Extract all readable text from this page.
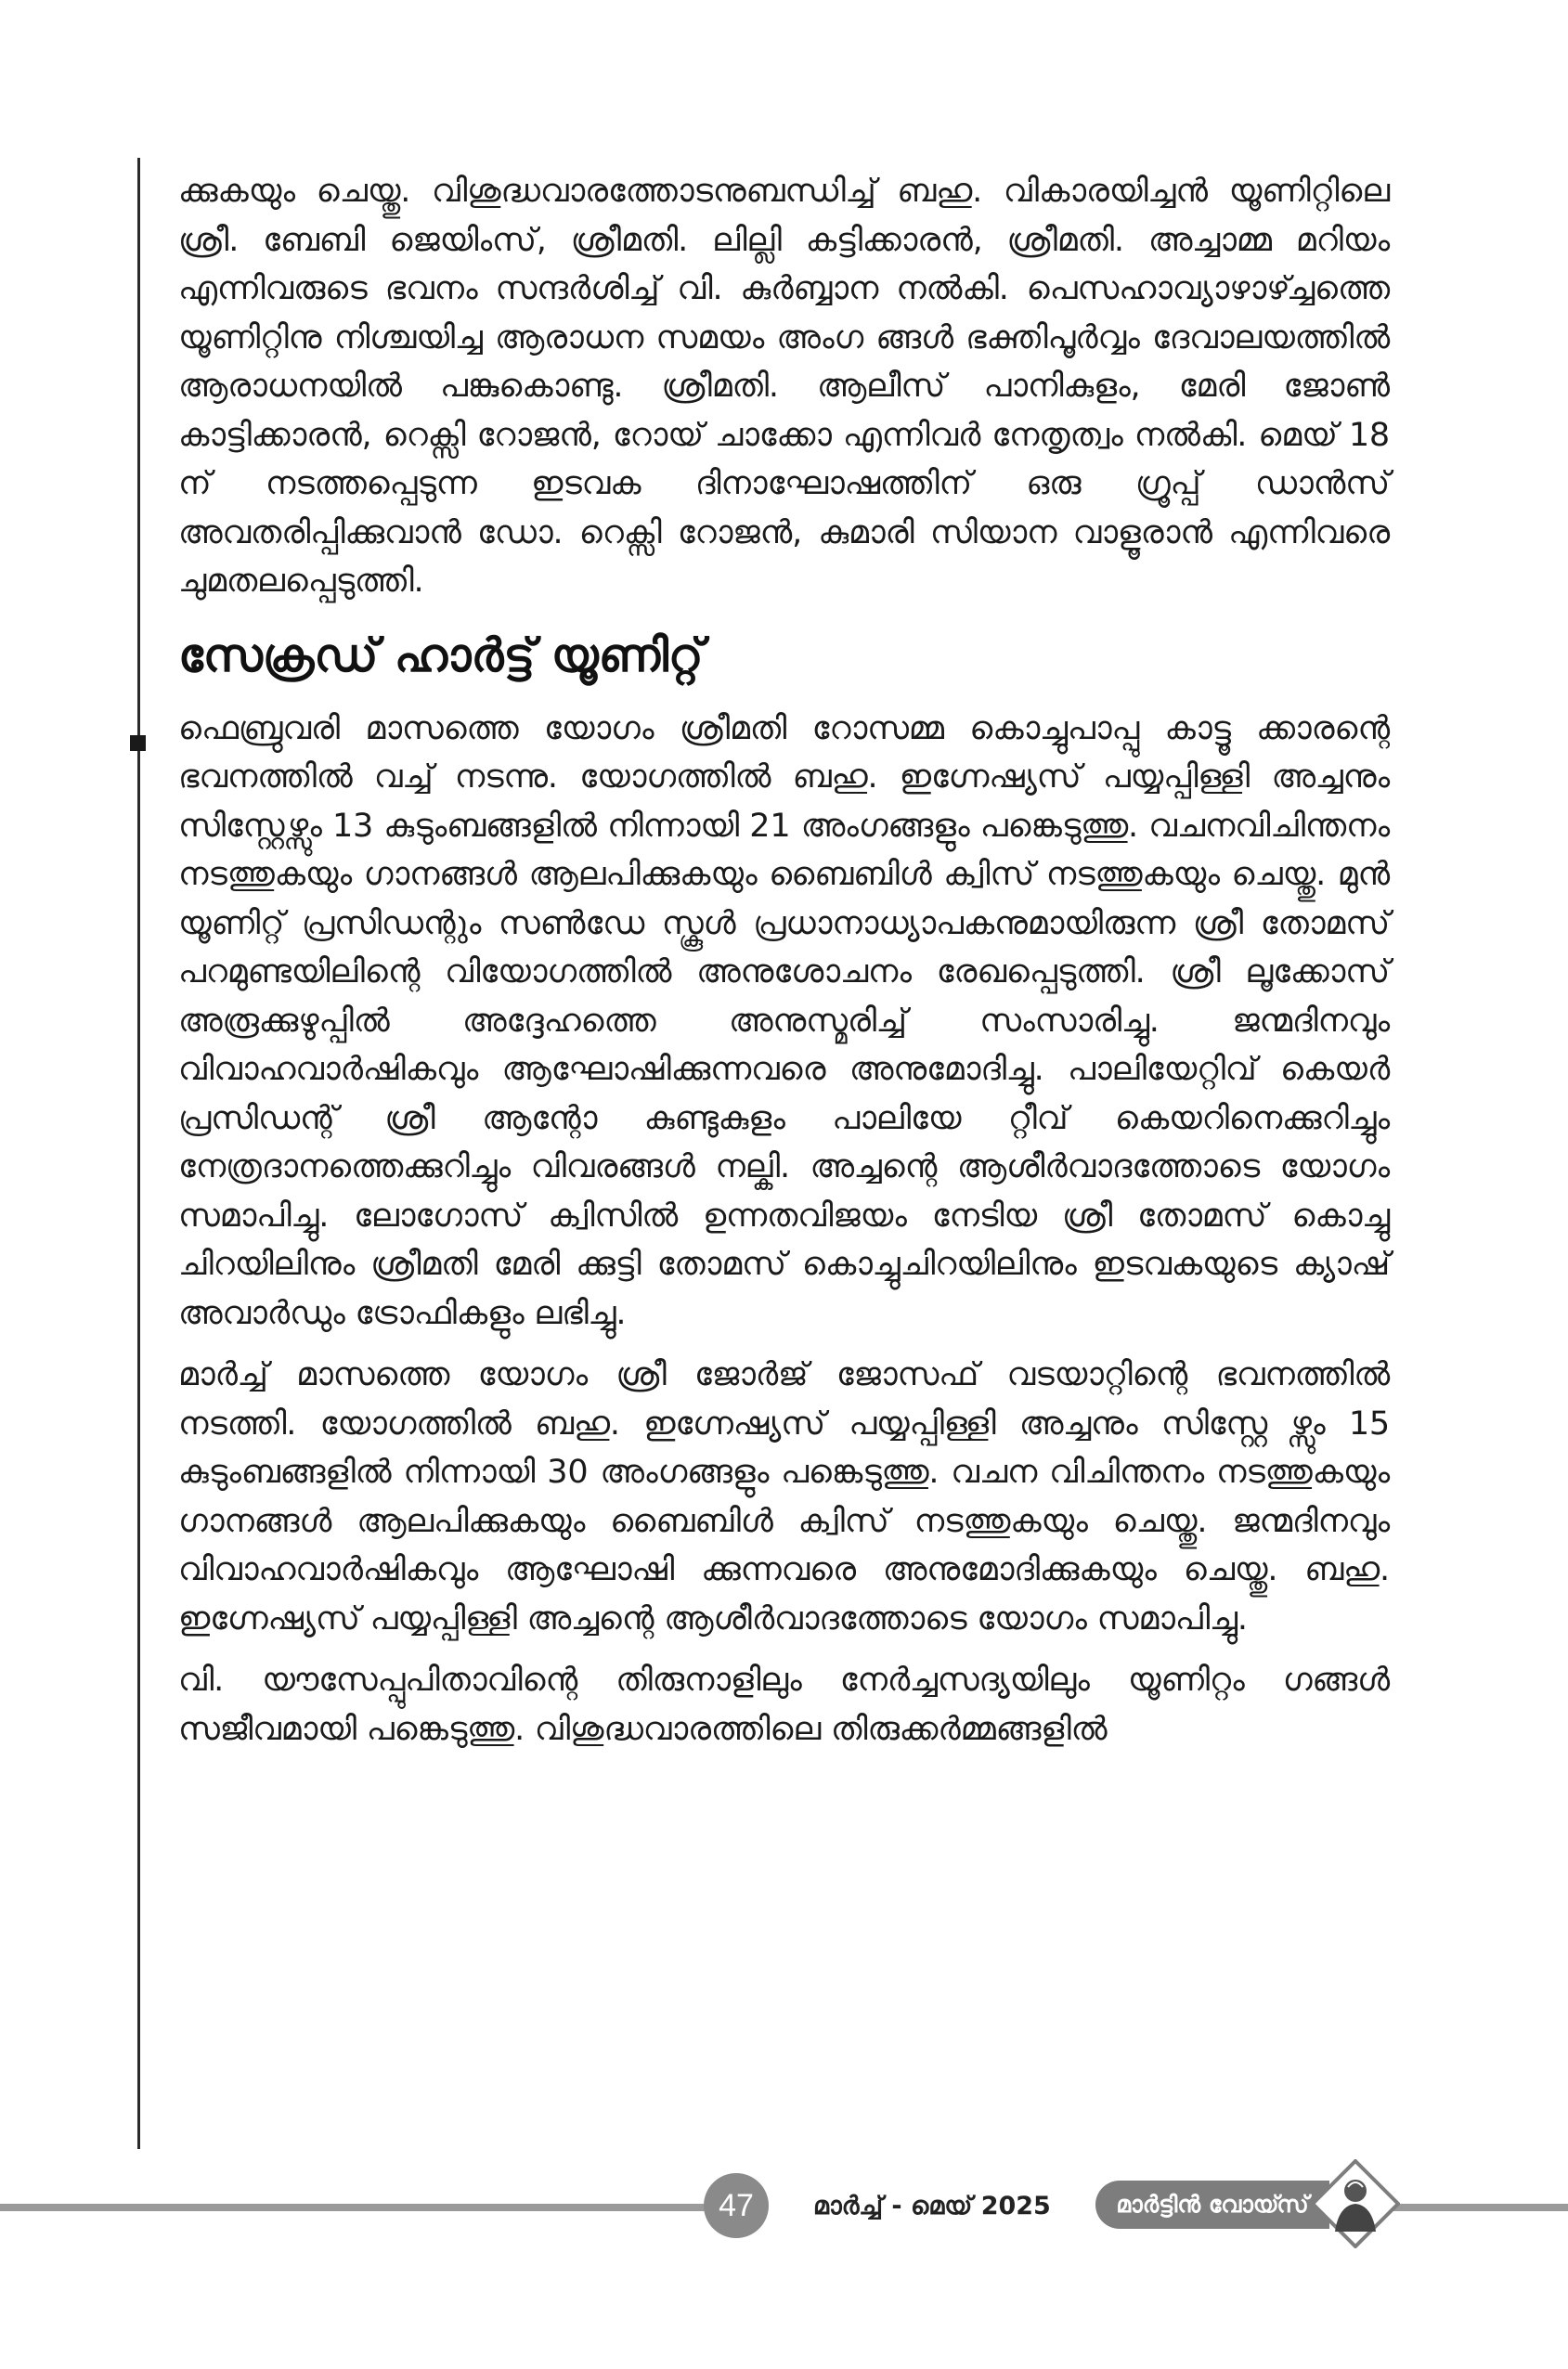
ക്കുകയും ചെയ്തു. വിശുദ്ധവാരത്തോടനുബന്ധിച്ച് ബഹു. വികാരയിച്ചൻ യൂണിറ്റിലെ ശ്രീ. ബേബി ജെയിംസ്, ശ്രീമതി. ലില്ലി കട്ടിക്കാരൻ, ശ്രീമതി. അച്ചാമ്മ മറിയം എന്നിവരുടെ ഭവനം സന്ദർശിച്ച് വി. കുർബ്ബാന നൽകി. പെസഹാവ്യാഴാഴ്ച്ചത്തെ യൂണിറ്റിനു നിശ്ചയിച്ച ആരാധന സമയം അംഗ ങ്ങൾ ഭക്തിപൂർവ്വം ദേവാലയത്തിൽ ആരാധനയിൽ പങ്കുകൊണ്ടു. ശ്രീമതി. ആലീസ് പാനികുളം, മേരി ജോൺ കാട്ടിക്കാരൻ, റെക്സി റോജൻ, റോയ് ചാക്കോ എന്നിവർ നേതൃത്വം നൽകി. മെയ് 18 ന് നടത്തപ്പെടുന്ന ഇടവക ദിനാഘോഷത്തിന് ഒരു ഗ്രൂപ്പ് ഡാൻസ് അവതരിപ്പിക്കുവാൻ ഡോ. റെക്സി റോജൻ, കുമാരി സിയാന വാളൂരാൻ എന്നിവരെ ചുമതലപ്പെടുത്തി.

സേക്രഡ് ഹാർട്ട് യൂണിറ്റ്

ഫെബ്രുവരി മാസത്തെ യോഗം ശ്രീമതി റോസമ്മ കൊച്ചുപാപ്പു കാട്ടൂ ക്കാരന്റെ ഭവനത്തിൽ വച്ച് നടന്നു. യോഗത്തിൽ ബഹു. ഇഗ്നേഷ്യസ് പയ്യപ്പിള്ളി അച്ചനും സിസ്റ്റേഴ്സും 13 കുടുംബങ്ങളിൽ നിന്നായി 21 അംഗങ്ങളും പങ്കെടുത്തു. വചനവിചിന്തനം നടത്തുകയും ഗാനങ്ങൾ ആലപിക്കുകയും ബൈബിൾ ക്വിസ് നടത്തുകയും ചെയ്തു. മുൻ യൂണിറ്റ് പ്രസിഡന്റും സൺഡേ സ്കൂൾ പ്രധാനാധ്യാപകനുമായിരുന്ന ശ്രീ തോമസ് പറമുണ്ടയിലിന്റെ വിയോഗത്തിൽ അനുശോചനം രേഖപ്പെടുത്തി. ശ്രീ ലൂക്കോസ് അരൂക്കുഴുപ്പിൽ അദ്ദേഹത്തെ അനുസ്മരിച്ച് സംസാരിച്ചു. ജന്മദിനവും വിവാഹവാർഷികവും ആഘോഷിക്കുന്നവരെ അനുമോദിച്ചു. പാലിയേറ്റിവ് കെയർ പ്രസിഡന്റ് ശ്രീ ആന്റോ കുണ്ടുകുളം പാലിയേ റ്റീവ് കെയറിനെക്കുറിച്ചും നേത്രദാനത്തെക്കുറിച്ചും വിവരങ്ങൾ നല്കി. അച്ചന്റെ ആശീർവാദത്തോടെ യോഗം സമാപിച്ചു. ലോഗോസ് ക്വിസിൽ ഉന്നതവിജയം നേടിയ ശ്രീ തോമസ് കൊച്ചു ചിറയിലിനും ശ്രീമതി മേരി ക്കുട്ടി തോമസ് കൊച്ചുചിറയിലിനും ഇടവകയുടെ ക്യാഷ് അവാർഡും ട്രോഫികളും ലഭിച്ചു.

മാർച്ച് മാസത്തെ യോഗം ശ്രീ ജോർജ് ജോസഫ് വടയാറ്റിന്റെ ഭവനത്തിൽ നടത്തി. യോഗത്തിൽ ബഹു. ഇഗ്നേഷ്യസ് പയ്യപ്പിള്ളി അച്ചനും സിസ്റ്റേ ഴ്സും 15 കുടുംബങ്ങളിൽ നിന്നായി 30 അംഗങ്ങളും പങ്കെടുത്തു. വചന വിചിന്തനം നടത്തുകയും ഗാനങ്ങൾ ആലപിക്കുകയും ബൈബിൾ ക്വിസ് നടത്തുകയും ചെയ്തു. ജന്മദിനവും വിവാഹവാർഷികവും ആഘോഷി ക്കുന്നവരെ അനുമോദിക്കുകയും ചെയ്തു. ബഹു. ഇഗ്നേഷ്യസ് പയ്യപ്പിള്ളി അച്ചന്റെ ആശീർവാദത്തോടെ യോഗം സമാപിച്ചു.

വി. യൗസേപ്പുപിതാവിന്റെ തിരുനാളിലും നേർച്ചസദ്യയിലും യൂണിറ്റം ഗങ്ങൾ സജീവമായി പങ്കെടുത്തു. വിശുദ്ധവാരത്തിലെ തിരുക്കർമ്മങ്ങളിൽ

47	മാർച്ച് - മെയ് 2025	മാർട്ടിൻ വോയ്സ്
